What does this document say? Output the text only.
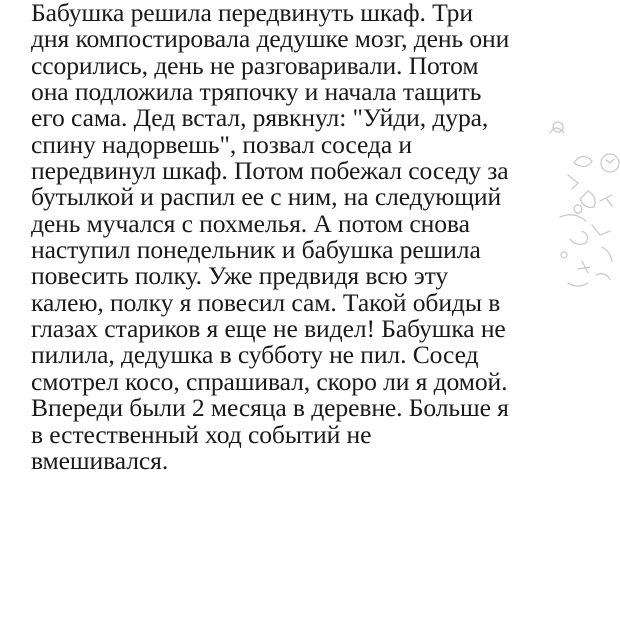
Бабушка решила передвинуть шкаф. Три
дня компостировала дедушке мозг, день они
ссорились, день не разговаривали. Потом
она подложила тряпочку и начала тащить
его сама. Дед встал, рявкнул: "Уйди, дура,
спину надорвешь", позвал соседа и
передвинул шкаф. Потом побежал соседу за
бутылкой и распил ее с ним, на следующий
день мучался с похмелья. А потом снова
наступил понедельник и бабушка решила
повесить полку. Уже предвидя всю эту
калею, полку я повесил сам. Такой обиды в
глазах стариков я еще не видел! Бабушка не
пилила, дедушка в субботу не пил. Сосед
смотрел косо, спрашивал, скоро ли я домой.
Впереди были 2 месяца в деревне. Больше я
в естественный ход событий не
вмешивался.
